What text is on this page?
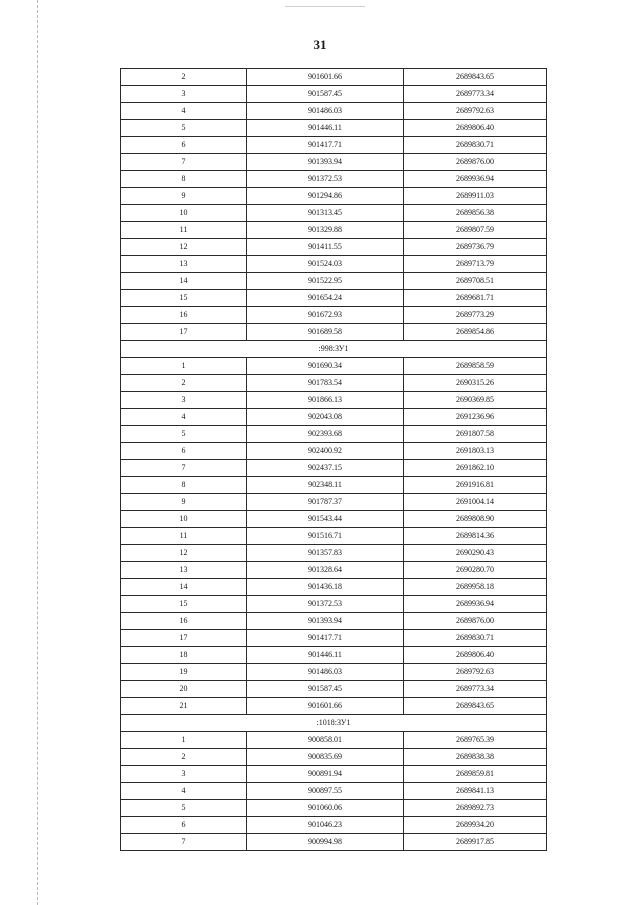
31
2	901601.66	2689843.65
3	901587.45	2689773.34
4	901486.03	2689792.63
5	901446.11	2689806.40
6	901417.71	2689830.71
7	901393.94	2689876.00
8	901372.53	2689936.94
9	901294.86	2689911.03
10	901313.45	2689856.38
11	901329.88	2689807.59
12	901411.55	2689736.79
13	901524.03	2689713.79
14	901522.95	2689708.51
15	901654.24	2689681.71
16	901672.93	2689773.29
17	901689.58	2689854.86
:998:ЗУ1		
1	901690.34	2689858.59
2	901783.54	2690315.26
3	901866.13	2690369.85
4	902043.08	2691236.96
5	902393.68	2691807.58
6	902400.92	2691803.13
7	902437.15	2691862.10
8	902348.11	2691916.81
9	901787.37	2691004.14
10	901543.44	2689808.90
11	901516.71	2689814.36
12	901357.83	2690290.43
13	901328.64	2690280.70
14	901436.18	2689958.18
15	901372.53	2689936.94
16	901393.94	2689876.00
17	901417.71	2689830.71
18	901446.11	2689806.40
19	901486.03	2689792.63
20	901587.45	2689773.34
21	901601.66	2689843.65
:1018:ЗУ1		
1	900858.01	2689765.39
2	900835.69	2689838.38
3	900891.94	2689859.81
4	900897.55	2689841.13
5	901060.06	2689892.73
6	901046.23	2689934.20
7	900994.98	2689917.85
